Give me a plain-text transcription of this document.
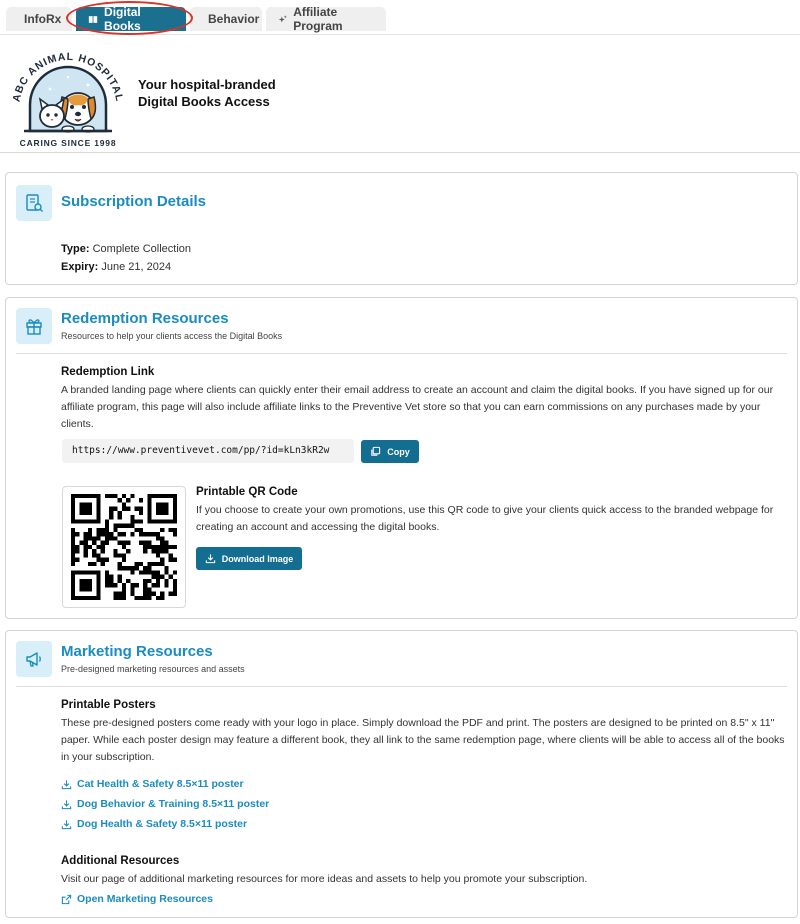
InfoRx	Digital Books	Behavior	Affiliate Program
ABC ANIMAL HOSPITAL
CARING SINCE 1998
Your hospital-branded Digital Books Access
Subscription Details
Type: Complete Collection
Expiry: June 21, 2024
Redemption Resources
Resources to help your clients access the Digital Books
Redemption Link
A branded landing page where clients can quickly enter their email address to create an account and claim the digital books. If you have signed up for our affiliate program, this page will also include affiliate links to the Preventive Vet store so that you can earn commissions on any purchases made by your clients.
https://www.preventivevet.com/pp/?id=kLn3kR2w	Copy
Printable QR Code
If you choose to create your own promotions, use this QR code to give your clients quick access to the branded webpage for creating an account and accessing the digital books.
Download Image
Marketing Resources
Pre-designed marketing resources and assets
Printable Posters
These pre-designed posters come ready with your logo in place. Simply download the PDF and print. The posters are designed to be printed on 8.5" x 11" paper. While each poster design may feature a different book, they all link to the same redemption page, where clients will be able to access all of the books in your subscription.
Cat Health & Safety 8.5×11 poster
Dog Behavior & Training 8.5×11 poster
Dog Health & Safety 8.5×11 poster
Additional Resources
Visit our page of additional marketing resources for more ideas and assets to help you promote your subscription.
Open Marketing Resources
